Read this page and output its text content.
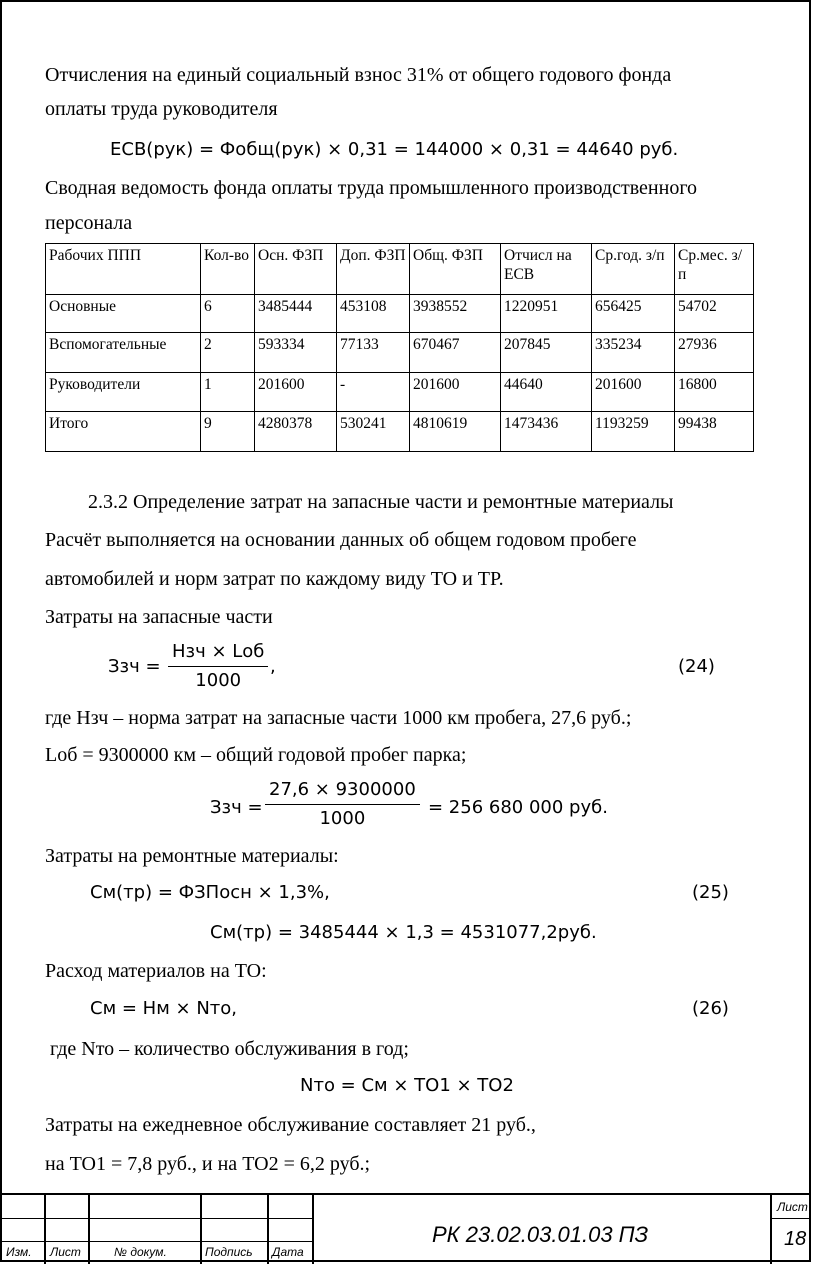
Отчисления на единый социальный взнос 31% от общего годового фонда
оплаты труда руководителя
ЕСВ(рук) = Фобщ(рук) × 0,31 = 144000 × 0,31 = 44640 руб.
Сводная ведомость фонда оплаты труда промышленного производственного
персонала
Рабочих ППП	Кол-во	Осн. ФЗП	Доп. ФЗП	Общ. ФЗП	Отчисл на ЕСВ	Ср.год. з/п	Ср.мес. з/п
Основные	6	3485444	453108	3938552	1220951	656425	54702
Вспомогательные	2	593334	77133	670467	207845	335234	27936
Руководители	1	201600	-	201600	44640	201600	16800
Итого	9	4280378	530241	4810619	1473436	1193259	99438
2.3.2 Определение затрат на запасные части и ремонтные материалы
Расчёт выполняется на основании данных об общем годовом пробеге
автомобилей и норм затрат по каждому виду ТО и ТР.
Затраты на запасные части
Ззч =
Нзч × Lоб
1000
,	(24)
где Нзч – норма затрат на запасные части 1000 км пробега, 27,6 руб.;
Lоб = 9300000 км – общий годовой пробег парка;
Ззч = $\frac{27,6 \times 9300000}{1000} = 256$ 680 000 руб.
Затраты на ремонтные материалы:
См(тр) = ФЗПосн × 1,3%,	(25)
См(тр) = 3485444 × 1,3 = 4531077,2руб.
Расход материалов на ТО:
См = Нм × Nто,	(26)
где Nто – количество обслуживания в год;
Nто = См × ТО1 × ТО2
Затраты на ежедневное обслуживание составляет 21 руб.,
на ТО1 = 7,8 руб., и на ТО2 = 6,2 руб.;
Изм. Лист	№ докум.	Подпись Дата
РК 23.02.03.01.03 ПЗ
Лист
18
